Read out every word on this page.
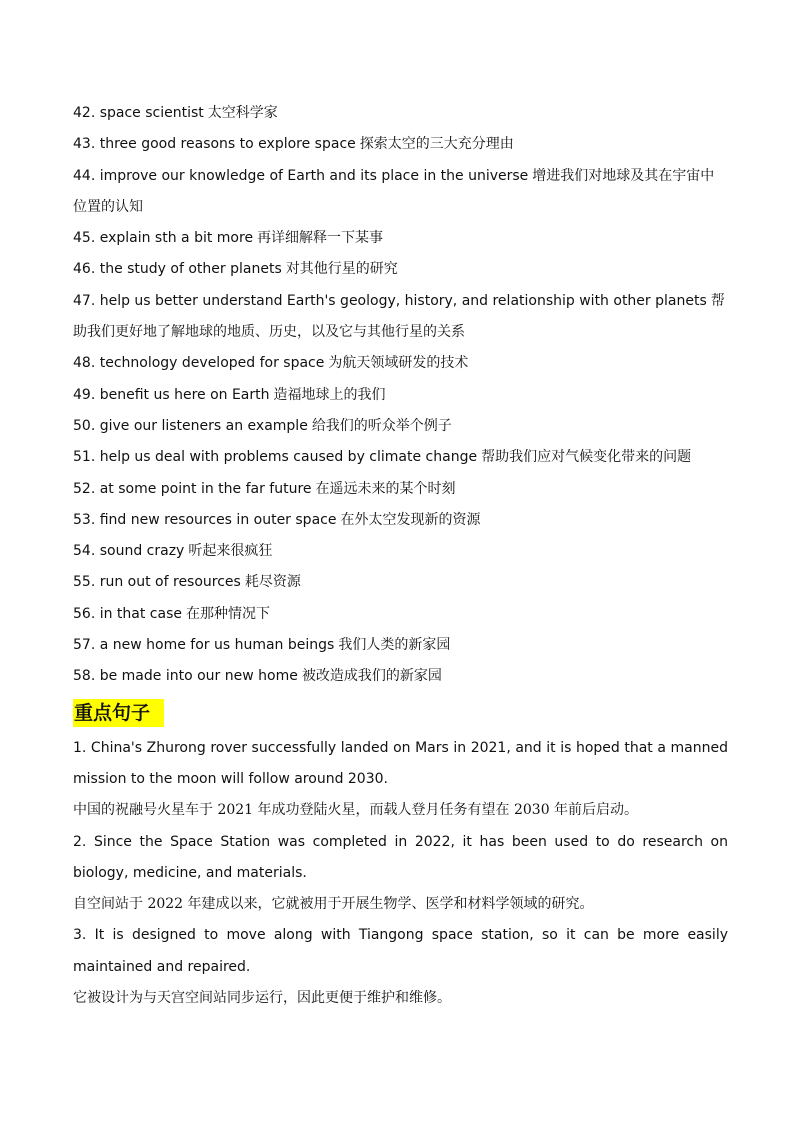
42. space scientist 太空科学家

43. three good reasons to explore space 探索太空的三大充分理由

44. improve our knowledge of Earth and its place in the universe 增进我们对地球及其在宇宙中位置的认知

45. explain sth a bit more 再详细解释一下某事

46. the study of other planets 对其他行星的研究

47. help us better understand Earth's geology, history, and relationship with other planets 帮助我们更好地了解地球的地质、历史，以及它与其他行星的关系

48. technology developed for space 为航天领域研发的技术

49. benefit us here on Earth 造福地球上的我们

50. give our listeners an example 给我们的听众举个例子

51. help us deal with problems caused by climate change 帮助我们应对气候变化带来的问题

52. at some point in the far future 在遥远未来的某个时刻

53. find new resources in outer space 在外太空发现新的资源

54. sound crazy 听起来很疯狂

55. run out of resources 耗尽资源

56. in that case 在那种情况下

57. a new home for us human beings 我们人类的新家园

58. be made into our new home 被改造成我们的新家园

重点句子

1. China's Zhurong rover successfully landed on Mars in 2021, and it is hoped that a manned mission to the moon will follow around 2030.

中国的祝融号火星车于 2021 年成功登陆火星，而载人登月任务有望在 2030 年前后启动。

2. Since the Space Station was completed in 2022, it has been used to do research on biology, medicine, and materials.

自空间站于 2022 年建成以来，它就被用于开展生物学、医学和材料学领域的研究。

3. It is designed to move along with Tiangong space station, so it can be more easily maintained and repaired.

它被设计为与天宫空间站同步运行，因此更便于维护和维修。
